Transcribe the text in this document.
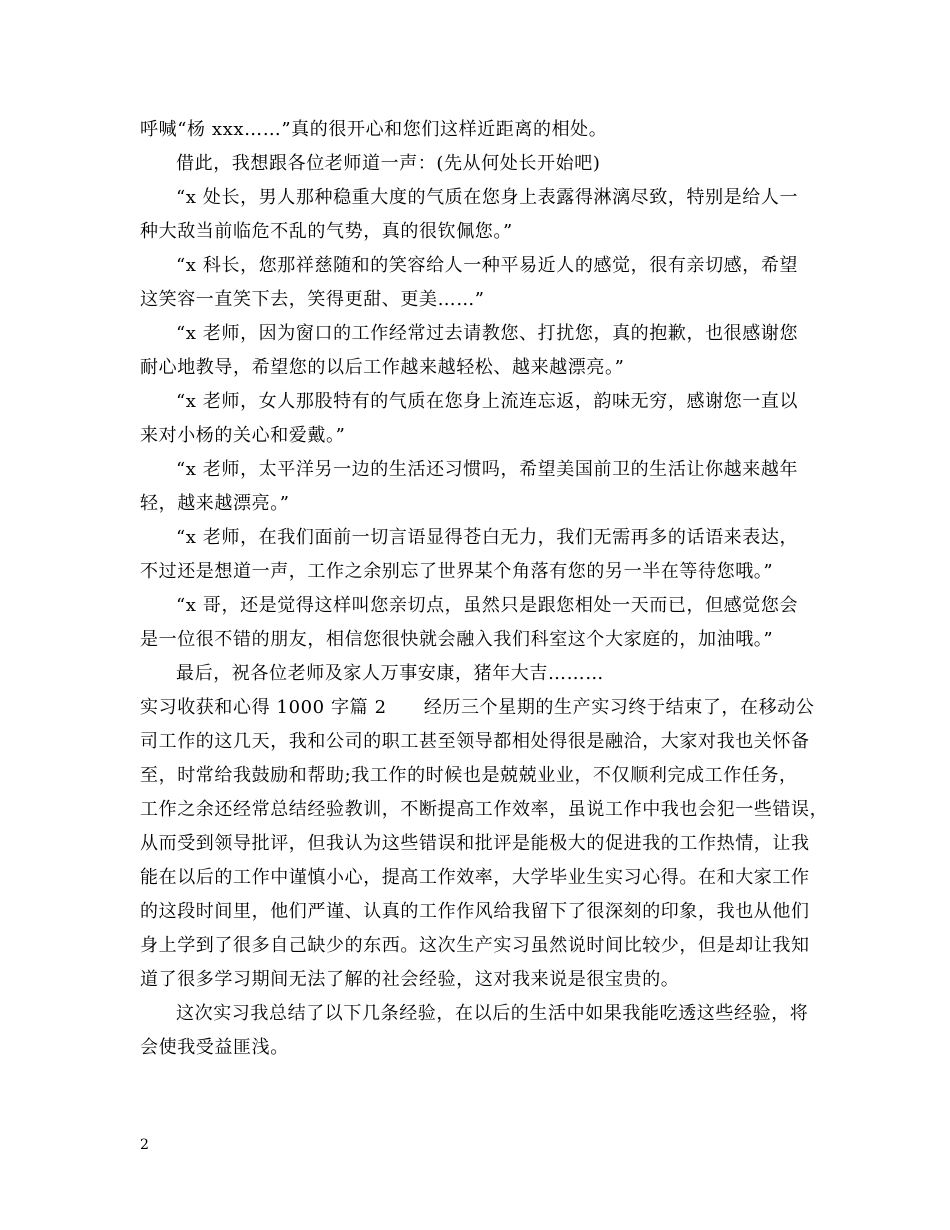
呼喊“杨 xxx……”真的很开心和您们这样近距离的相处。
借此，我想跟各位老师道一声：(先从何处长开始吧)
“x 处长，男人那种稳重大度的气质在您身上表露得淋漓尽致，特别是给人一
种大敌当前临危不乱的气势，真的很钦佩您。”
“x 科长，您那祥慈随和的笑容给人一种平易近人的感觉，很有亲切感，希望
这笑容一直笑下去，笑得更甜、更美……”
“x 老师，因为窗口的工作经常过去请教您、打扰您，真的抱歉，也很感谢您
耐心地教导，希望您的以后工作越来越轻松、越来越漂亮。”
“x 老师，女人那股特有的气质在您身上流连忘返，韵味无穷，感谢您一直以
来对小杨的关心和爱戴。”
“x 老师，太平洋另一边的生活还习惯吗，希望美国前卫的生活让你越来越年
轻，越来越漂亮。”
“x 老师，在我们面前一切言语显得苍白无力，我们无需再多的话语来表达，
不过还是想道一声，工作之余别忘了世界某个角落有您的另一半在等待您哦。”
“x 哥，还是觉得这样叫您亲切点，虽然只是跟您相处一天而已，但感觉您会
是一位很不错的朋友，相信您很快就会融入我们科室这个大家庭的，加油哦。”
最后，祝各位老师及家人万事安康，猪年大吉………
实习收获和心得 1000 字篇 2　　经历三个星期的生产实习终于结束了，在移动公
司工作的这几天，我和公司的职工甚至领导都相处得很是融洽，大家对我也关怀备
至，时常给我鼓励和帮助;我工作的时候也是兢兢业业，不仅顺利完成工作任务，
工作之余还经常总结经验教训，不断提高工作效率，虽说工作中我也会犯一些错误，
从而受到领导批评，但我认为这些错误和批评是能极大的促进我的工作热情，让我
能在以后的工作中谨慎小心，提高工作效率，大学毕业生实习心得。在和大家工作
的这段时间里，他们严谨、认真的工作作风给我留下了很深刻的印象，我也从他们
身上学到了很多自己缺少的东西。这次生产实习虽然说时间比较少，但是却让我知
道了很多学习期间无法了解的社会经验，这对我来说是很宝贵的。
这次实习我总结了以下几条经验，在以后的生活中如果我能吃透这些经验，将
会使我受益匪浅。
2
